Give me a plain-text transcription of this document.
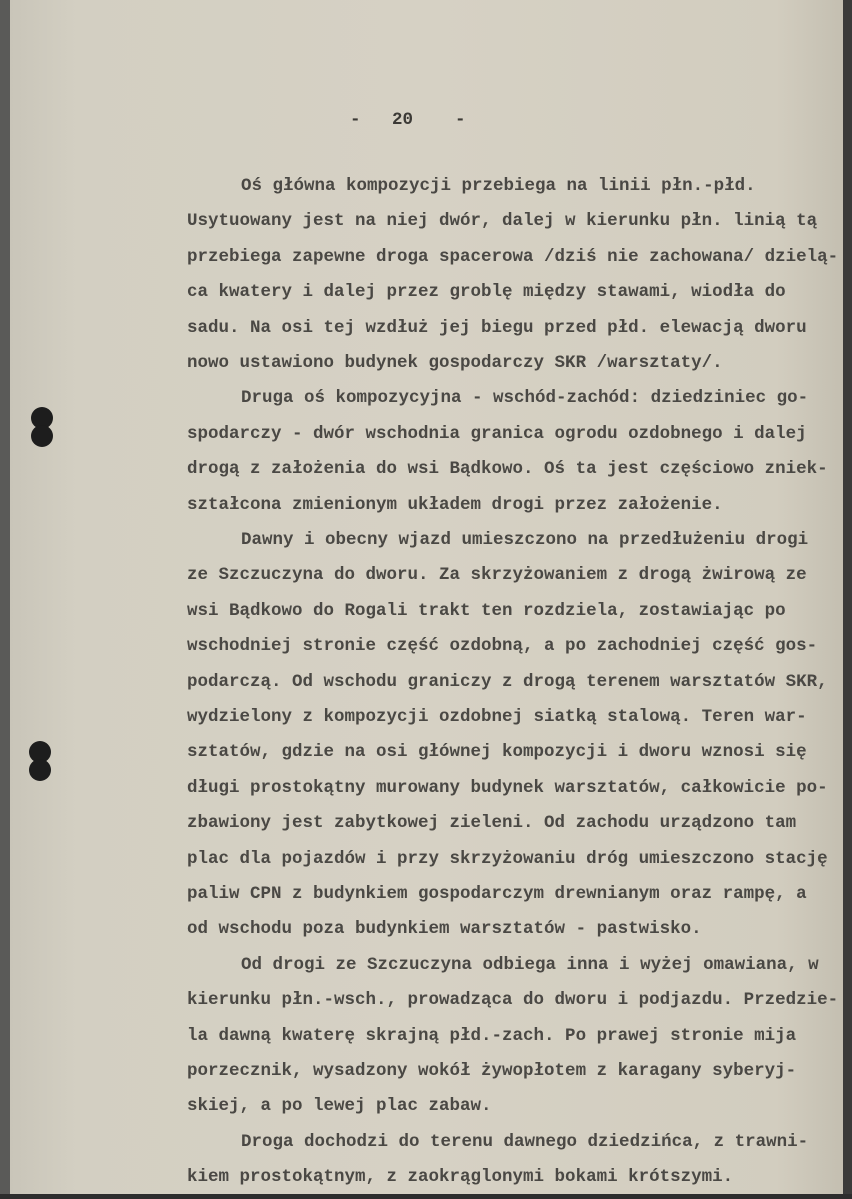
-   20    -
Oś główna kompozycji przebiega na linii płn.-płd.
Usytuowany jest na niej dwór, dalej w kierunku płn. linią tą
przebiega zapewne droga spacerowa /dziś nie zachowana/ dzielą-
ca kwatery i dalej przez groblę między stawami, wiodła do
sadu. Na osi tej wzdłuż jej biegu przed płd. elewacją dworu
nowo ustawiono budynek gospodarczy SKR /warsztaty/.
Druga oś kompozycyjna - wschód-zachód: dziedziniec go-
spodarczy - dwór wschodnia granica ogrodu ozdobnego i dalej
drogą z założenia do wsi Bądkowo. Oś ta jest częściowo zniek-
ształcona zmienionym układem drogi przez założenie.
Dawny i obecny wjazd umieszczono na przedłużeniu drogi
ze Szczuczyna do dworu. Za skrzyżowaniem z drogą żwirową ze
wsi Bądkowo do Rogali trakt ten rozdziela, zostawiając po
wschodniej stronie część ozdobną, a po zachodniej część gos-
podarczą. Od wschodu graniczy z drogą terenem warsztatów SKR,
wydzielony z kompozycji ozdobnej siatką stalową. Teren war-
sztatów, gdzie na osi głównej kompozycji i dworu wznosi się
długi prostokątny murowany budynek warsztatów, całkowicie po-
zbawiony jest zabytkowej zieleni. Od zachodu urządzono tam
plac dla pojazdów i przy skrzyżowaniu dróg umieszczono stację
paliw CPN z budynkiem gospodarczym drewnianym oraz rampę, a
od wschodu poza budynkiem warsztatów - pastwisko.
Od drogi ze Szczuczyna odbiega inna i wyżej omawiana, w
kierunku płn.-wsch., prowadząca do dworu i podjazdu. Przedzie-
la dawną kwaterę skrajną płd.-zach. Po prawej stronie mija
porzecznik, wysadzony wokół żywopłotem z karagany syberyj-
skiej, a po lewej plac zabaw.
Droga dochodzi do terenu dawnego dziedzińca, z trawni-
kiem prostokątnym, z zaokrąglonymi bokami krótszymi.
